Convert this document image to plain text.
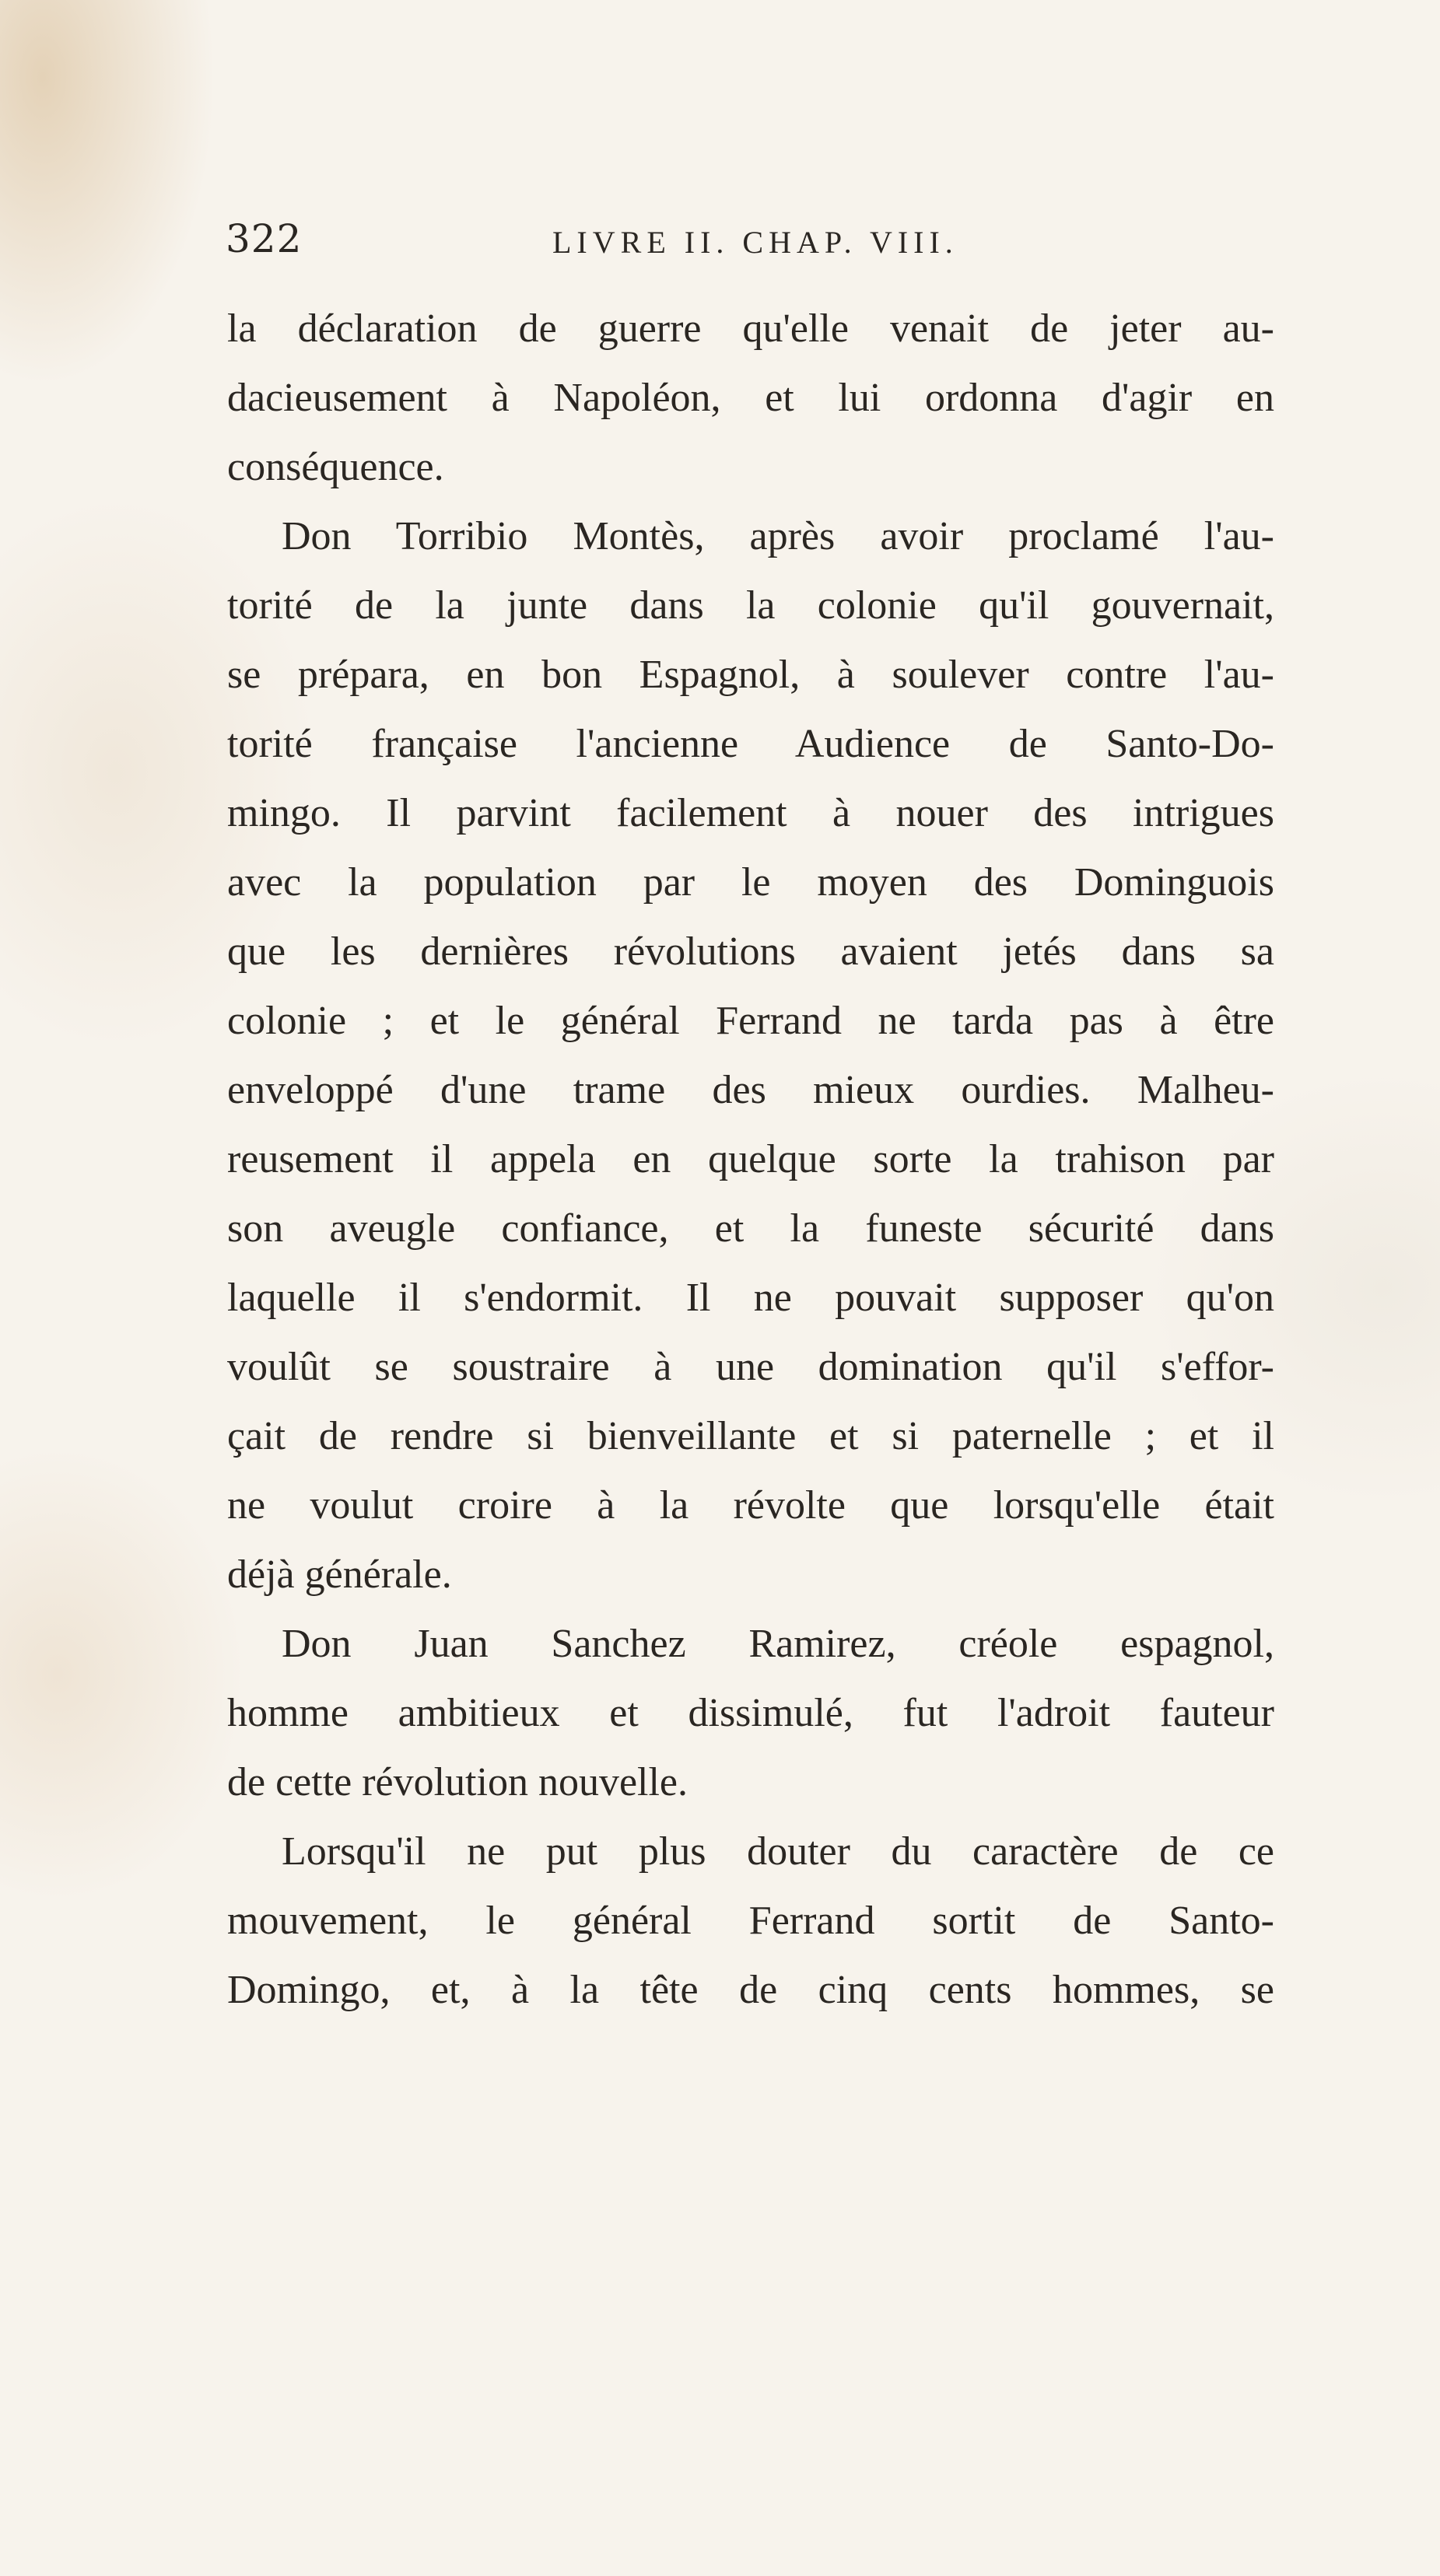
322	LIVRE II. CHAP. VIII.
la déclaration de guerre qu'elle venait de jeter au-
dacieusement à Napoléon, et lui ordonna d'agir en
conséquence.
Don Torribio Montès, après avoir proclamé l'au-
torité de la junte dans la colonie qu'il gouvernait,
se prépara, en bon Espagnol, à soulever contre l'au-
torité française l'ancienne Audience de Santo-Do-
mingo. Il parvint facilement à nouer des intrigues
avec la population par le moyen des Dominguois
que les dernières révolutions avaient jetés dans sa
colonie ; et le général Ferrand ne tarda pas à être
enveloppé d'une trame des mieux ourdies. Malheu-
reusement il appela en quelque sorte la trahison par
son aveugle confiance, et la funeste sécurité dans
laquelle il s'endormit. Il ne pouvait supposer qu'on
voulût se soustraire à une domination qu'il s'effor-
çait de rendre si bienveillante et si paternelle ; et il
ne voulut croire à la révolte que lorsqu'elle était
déjà générale.
Don Juan Sanchez Ramirez, créole espagnol,
homme ambitieux et dissimulé, fut l'adroit fauteur
de cette révolution nouvelle.
Lorsqu'il ne put plus douter du caractère de ce
mouvement, le général Ferrand sortit de Santo-
Domingo, et, à la tête de cinq cents hommes, se
